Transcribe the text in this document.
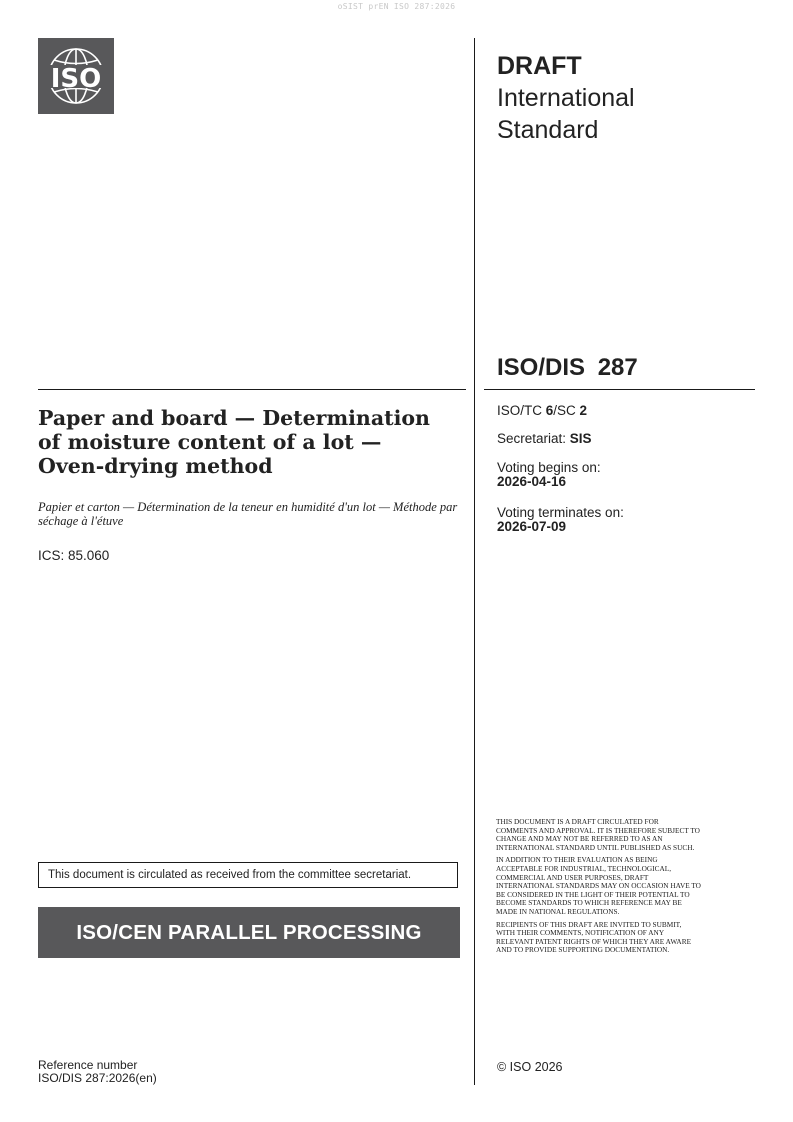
oSIST prEN ISO 287:2026
ISO	DRAFT
International
Standard
ISO/DIS 287
Paper and board — Determination of moisture content of a lot — Oven-drying method
Papier et carton — Détermination de la teneur en humidité d'un lot — Méthode par séchage à l'étuve
ICS: 85.060
ISO/TC 6/SC 2
Secretariat: SIS
Voting begins on:
2026-04-16
Voting terminates on:
2026-07-09
This document is circulated as received from the committee secretariat.
ISO/CEN PARALLEL PROCESSING

THIS DOCUMENT IS A DRAFT CIRCULATED FOR COMMENTS AND APPROVAL. IT IS THEREFORE SUBJECT TO CHANGE AND MAY NOT BE REFERRED TO AS AN INTERNATIONAL STANDARD UNTIL PUBLISHED AS SUCH.

IN ADDITION TO THEIR EVALUATION AS BEING ACCEPTABLE FOR INDUSTRIAL, TECHNOLOGICAL, COMMERCIAL AND USER PURPOSES, DRAFT INTERNATIONAL STANDARDS MAY ON OCCASION HAVE TO BE CONSIDERED IN THE LIGHT OF THEIR POTENTIAL TO BECOME STANDARDS TO WHICH REFERENCE MAY BE MADE IN NATIONAL REGULATIONS.

RECIPIENTS OF THIS DRAFT ARE INVITED TO SUBMIT, WITH THEIR COMMENTS, NOTIFICATION OF ANY RELEVANT PATENT RIGHTS OF WHICH THEY ARE AWARE AND TO PROVIDE SUPPORTING DOCUMENTATION.

© ISO 2026
Reference number
ISO/DIS 287:2026(en)
